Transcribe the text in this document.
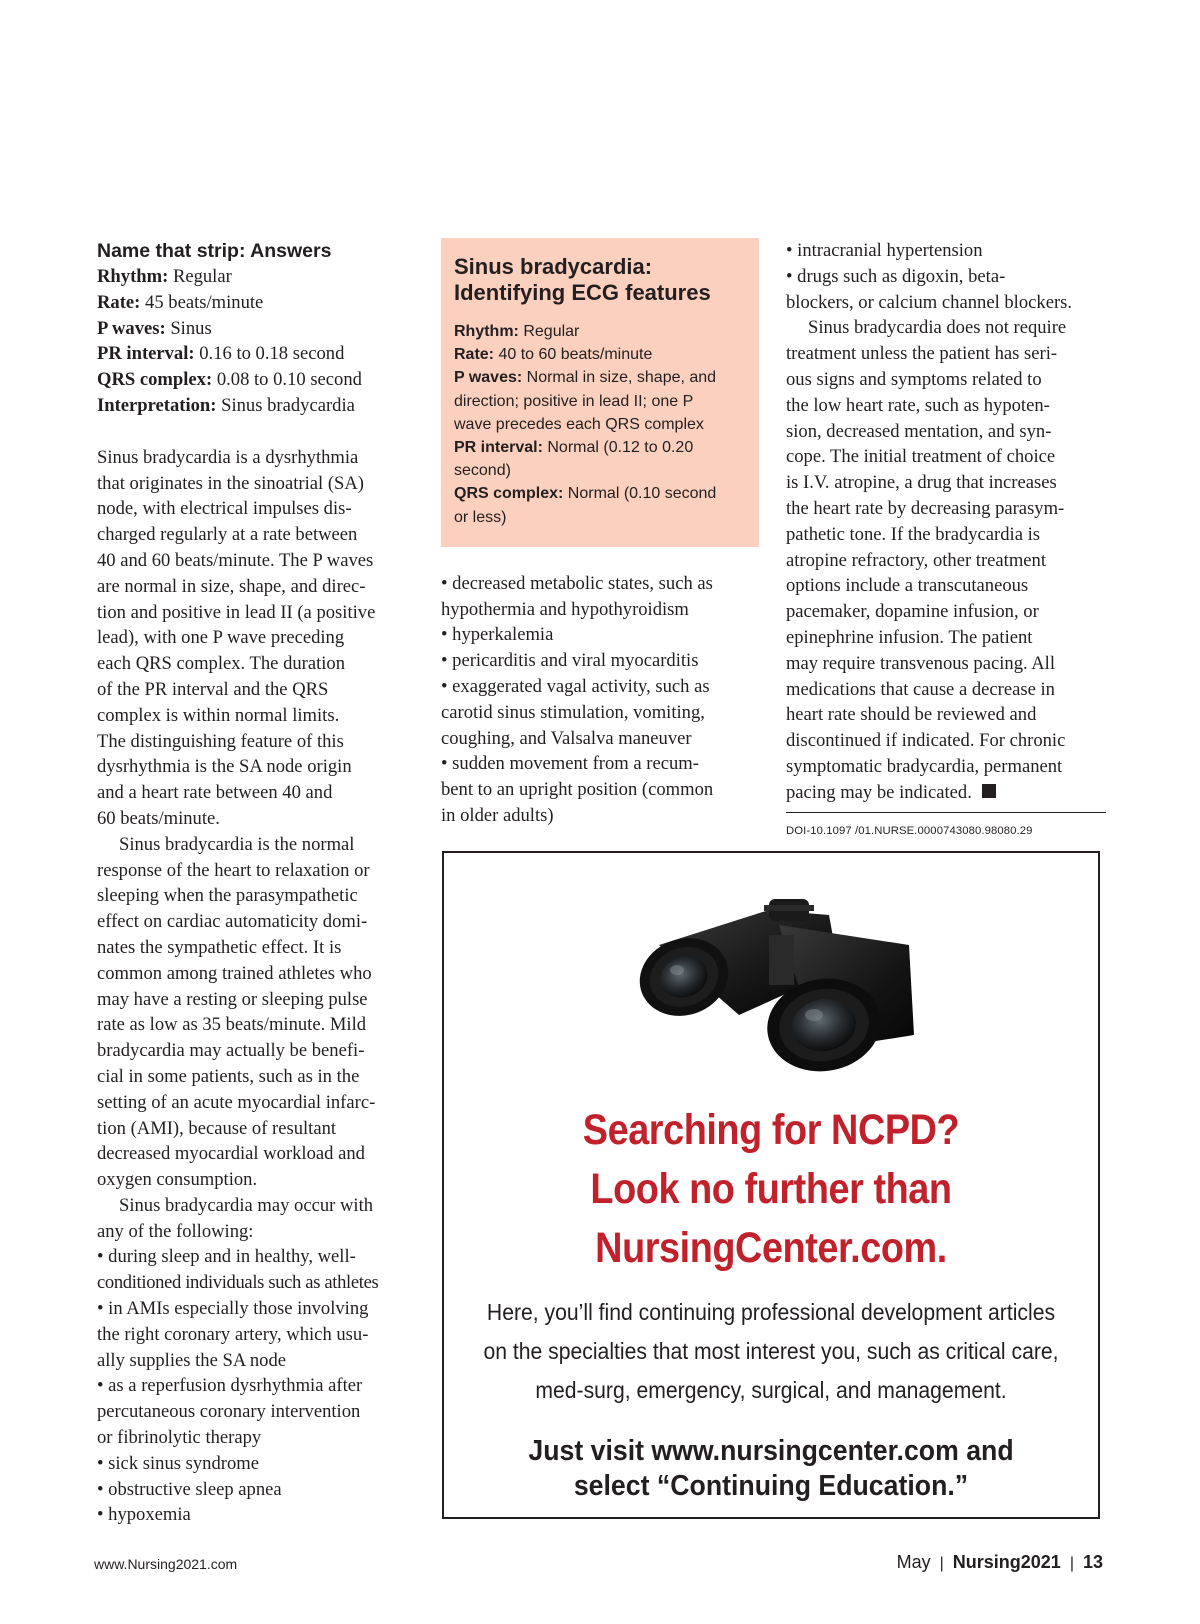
Name that strip: Answers
Rhythm: Regular
Rate: 45 beats/minute
P waves: Sinus
PR interval: 0.16 to 0.18 second
QRS complex: 0.08 to 0.10 second
Interpretation: Sinus bradycardia
Sinus bradycardia is a dysrhythmia
that originates in the sinoatrial (SA)
node, with electrical impulses dis-
charged regularly at a rate between
40 and 60 beats/minute. The P waves
are normal in size, shape, and direc-
tion and positive in lead II (a positive
lead), with one P wave preceding
each QRS complex. The duration
of the PR interval and the QRS
complex is within normal limits.
The distinguishing feature of this
dysrhythmia is the SA node origin
and a heart rate between 40 and
60 beats/minute.
Sinus bradycardia is the normal
response of the heart to relaxation or
sleeping when the parasympathetic
effect on cardiac automaticity domi-
nates the sympathetic effect. It is
common among trained athletes who
may have a resting or sleeping pulse
rate as low as 35 beats/minute. Mild
bradycardia may actually be benefi-
cial in some patients, such as in the
setting of an acute myocardial infarc-
tion (AMI), because of resultant
decreased myocardial workload and
oxygen consumption.
Sinus bradycardia may occur with
any of the following:
• during sleep and in healthy, well-
conditioned individuals such as athletes
• in AMIs especially those involving
the right coronary artery, which usu-
ally supplies the SA node
• as a reperfusion dysrhythmia after
percutaneous coronary intervention
or fibrinolytic therapy
• sick sinus syndrome
• obstructive sleep apnea
• hypoxemia
Sinus bradycardia:
Identifying ECG features
Rhythm: Regular
Rate: 40 to 60 beats/minute
P waves: Normal in size, shape, and
direction; positive in lead II; one P
wave precedes each QRS complex
PR interval: Normal (0.12 to 0.20
second)
QRS complex: Normal (0.10 second
or less)
• decreased metabolic states, such as
hypothermia and hypothyroidism
• hyperkalemia
• pericarditis and viral myocarditis
• exaggerated vagal activity, such as
carotid sinus stimulation, vomiting,
coughing, and Valsalva maneuver
• sudden movement from a recum-
bent to an upright position (common
in older adults)
• intracranial hypertension
• drugs such as digoxin, beta-
blockers, or calcium channel blockers.
Sinus bradycardia does not require
treatment unless the patient has seri-
ous signs and symptoms related to
the low heart rate, such as hypoten-
sion, decreased mentation, and syn-
cope. The initial treatment of choice
is I.V. atropine, a drug that increases
the heart rate by decreasing parasym-
pathetic tone. If the bradycardia is
atropine refractory, other treatment
options include a transcutaneous
pacemaker, dopamine infusion, or
epinephrine infusion. The patient
may require transvenous pacing. All
medications that cause a decrease in
heart rate should be reviewed and
discontinued if indicated. For chronic
symptomatic bradycardia, permanent
pacing may be indicated.
DOI-10.1097 /01.NURSE.0000743080.98080.29
Searching for NCPD?
Look no further than
NursingCenter.com.
Here, you’ll find continuing professional development articles
on the specialties that most interest you, such as critical care,
med-surg, emergency, surgical, and management.
Just visit www.nursingcenter.com and
select “Continuing Education.”
www.Nursing2021.com	May | Nursing2021 | 13
